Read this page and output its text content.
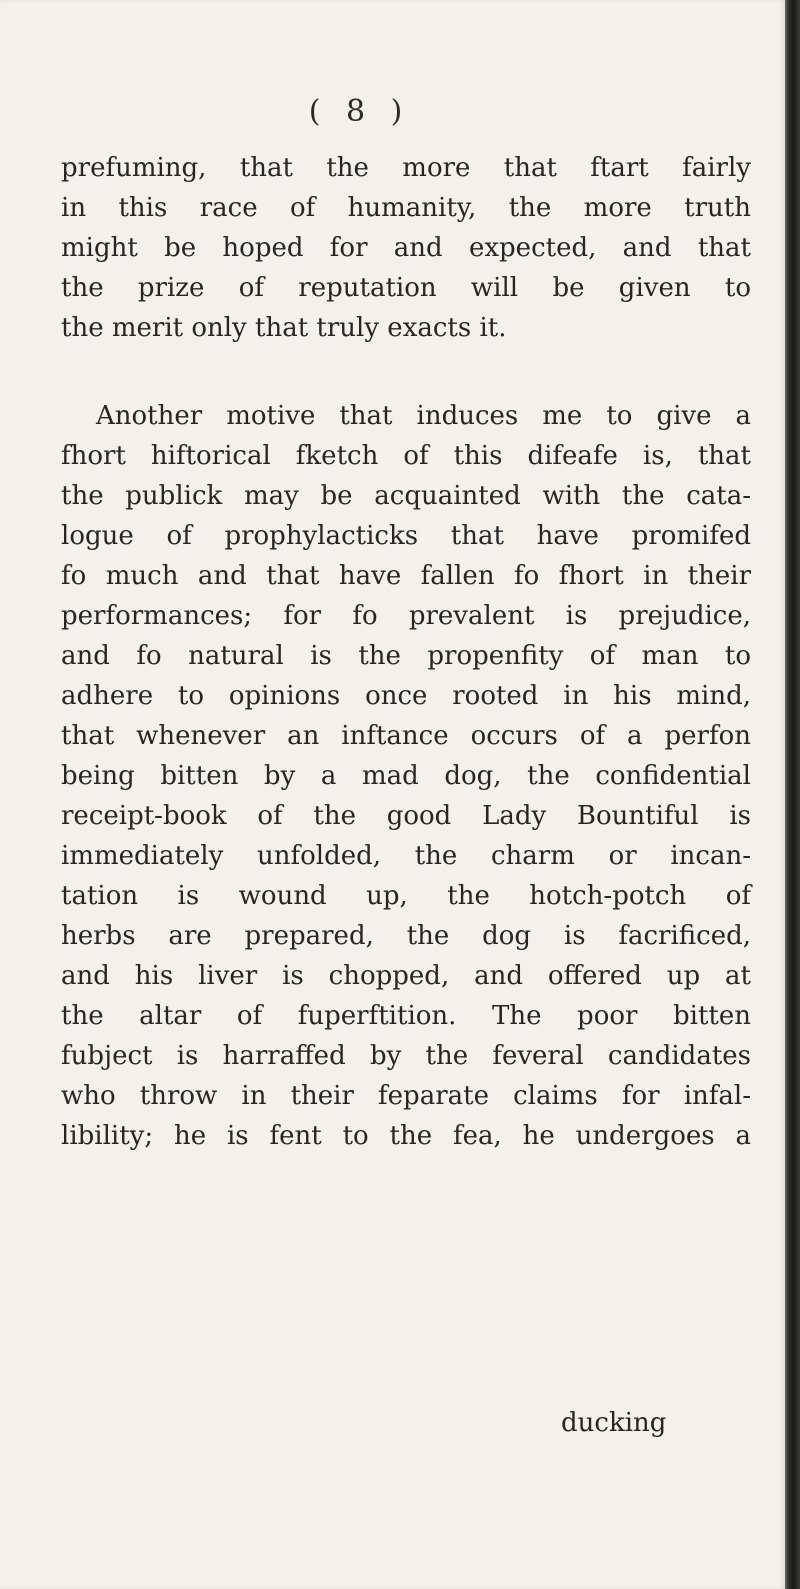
( 8 )
prefuming, that the more that ftart fairly
in this race of humanity, the more truth
might be hoped for and expected, and that
the prize of reputation will be given to
the merit only that truly exacts it.
Another motive that induces me to give a
fhort hiftorical fketch of this difeafe is, that
the publick may be acquainted with the cata-
logue of prophylacticks that have promifed
fo much and that have fallen fo fhort in their
performances; for fo prevalent is prejudice,
and fo natural is the propenfity of man to
adhere to opinions once rooted in his mind,
that whenever an inftance occurs of a perfon
being bitten by a mad dog, the confidential
receipt-book of the good Lady Bountiful is
immediately unfolded, the charm or incan-
tation is wound up, the hotch-potch of
herbs are prepared, the dog is facrificed,
and his liver is chopped, and offered up at
the altar of fuperftition. The poor bitten
fubject is harraffed by the feveral candidates
who throw in their feparate claims for infal-
libility; he is fent to the fea, he undergoes a
ducking
